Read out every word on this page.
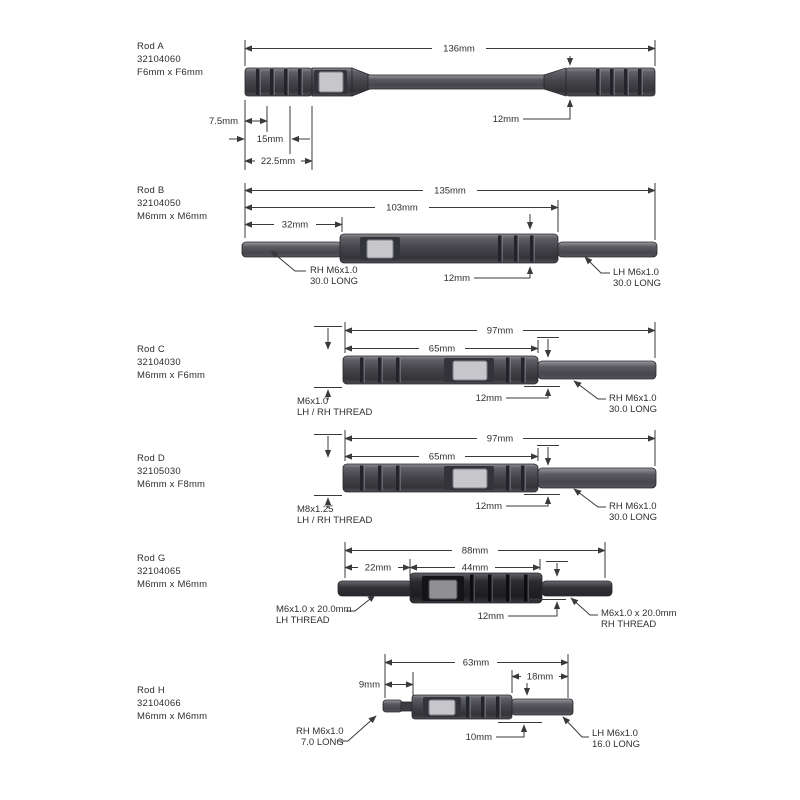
Rod A
32104060
F6mm x F6mm
Rod B
32104050
M6mm x M6mm
Rod C
32104030
M6mm x F6mm
Rod D
32105030
M6mm x F8mm
Rod G
32104065
M6mm x M6mm
Rod H
32104066
M6mm x M6mm
136mm
12mm
7.5mm
15mm
22.5mm
135mm
103mm
32mm
12mm
RH M6x1.0
30.0 LONG
LH M6x1.0
30.0 LONG
97mm
65mm
M6x1.0
LH / RH THREAD
12mm	RH M6x1.0
30.0 LONG
97mm
65mm
M8x1.25
LH / RH THREAD
12mm	RH M6x1.0
30.0 LONG
88mm
22mm	44mm
12mm
M6x1.0 x 20.0mm
LH THREAD
M6x1.0 x 20.0mm
RH THREAD
63mm
9mm
18mm
10mm
RH M6x1.0
7.0 LONG
LH M6x1.0
16.0 LONG
